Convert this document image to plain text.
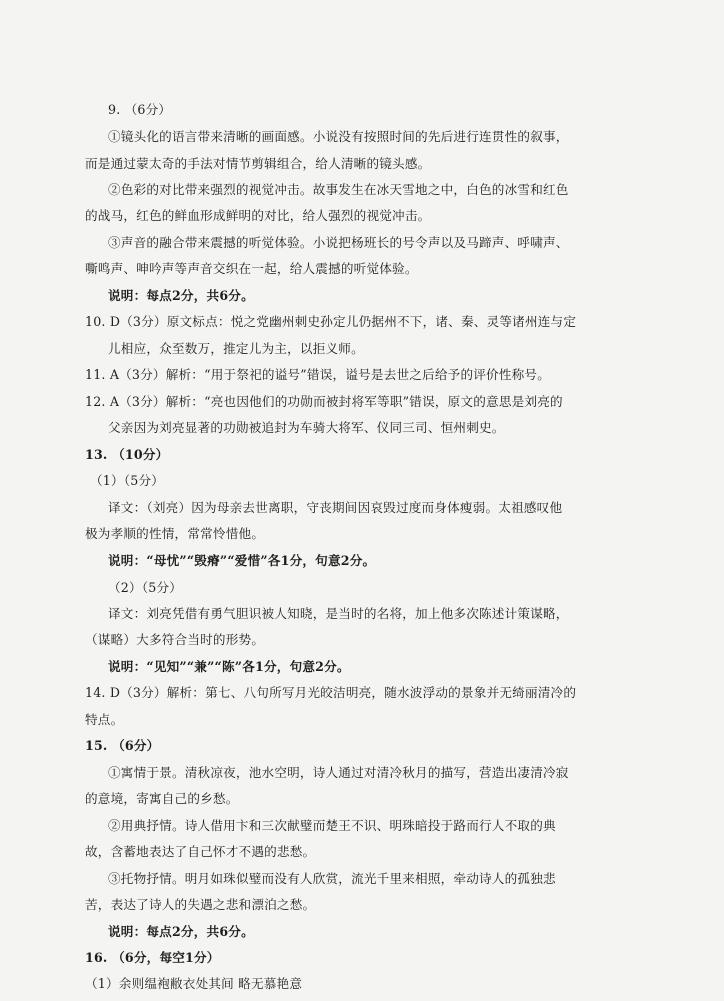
9. （6分）
①镜头化的语言带来清晰的画面感。小说没有按照时间的先后进行连贯性的叙事，
而是通过蒙太奇的手法对情节剪辑组合，给人清晰的镜头感。
②色彩的对比带来强烈的视觉冲击。故事发生在冰天雪地之中，白色的冰雪和红色
的战马，红色的鲜血形成鲜明的对比，给人强烈的视觉冲击。
③声音的融合带来震撼的听觉体验。小说把杨班长的号令声以及马蹄声、呼啸声、
嘶鸣声、呻吟声等声音交织在一起，给人震撼的听觉体验。
说明：每点2分，共6分。
10. D（3分）原文标点：悦之党幽州刺史孙定儿仍据州不下，诸、秦、灵等诸州连与定
儿相应，众至数万，推定儿为主，以拒义师。
11. A（3分）解析：“用于祭祀的谥号”错误，谥号是去世之后给予的评价性称号。
12. A（3分）解析：“亮也因他们的功勋而被封将军等职”错误，原文的意思是刘亮的
父亲因为刘亮显著的功勋被追封为车骑大将军、仪同三司、恒州刺史。
13. （10分）
（1）（5分）
译文：（刘亮）因为母亲去世离职，守丧期间因哀毁过度而身体瘦弱。太祖感叹他
极为孝顺的性情，常常怜惜他。
说明：“母忧”“毁瘠”“爱惜”各1分，句意2分。
（2）（5分）
译文：刘亮凭借有勇气胆识被人知晓，是当时的名将，加上他多次陈述计策谋略，
（谋略）大多符合当时的形势。
说明：“见知”“兼”“陈”各1分，句意2分。
14. D（3分）解析：第七、八句所写月光皎洁明亮，随水波浮动的景象并无绮丽清冷的
特点。
15. （6分）
①寓情于景。清秋凉夜，池水空明，诗人通过对清冷秋月的描写，营造出凄清冷寂
的意境，寄寓自己的乡愁。
②用典抒情。诗人借用卞和三次献璧而楚王不识、明珠暗投于路而行人不取的典
故，含蓄地表达了自己怀才不遇的悲愁。
③托物抒情。明月如珠似璧而没有人欣赏，流光千里来相照，牵动诗人的孤独悲
苦，表达了诗人的失遇之悲和漂泊之愁。
说明：每点2分，共6分。
16. （6分，每空1分）
（1）余则缊袍敝衣处其间 略无慕艳意
